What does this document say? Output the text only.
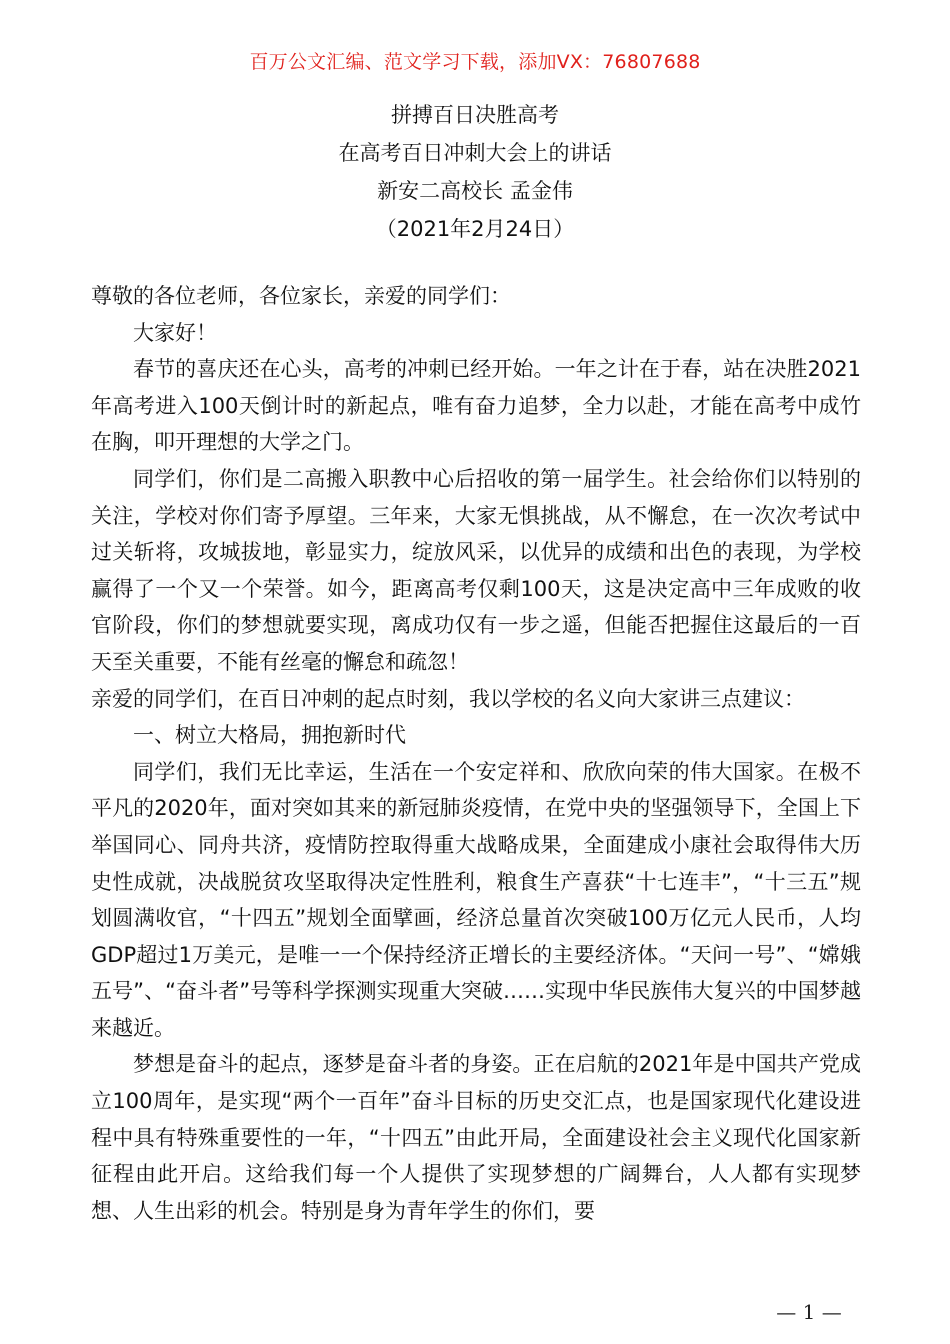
百万公文汇编、范文学习下载，添加VX：76807688
拼搏百日决胜高考
在高考百日冲刺大会上的讲话
新安二高校长 孟金伟
（2021年2月24日）

尊敬的各位老师，各位家长，亲爱的同学们：

大家好！

春节的喜庆还在心头，高考的冲刺已经开始。一年之计在于春，站在决胜2021年高考进入100天倒计时的新起点，唯有奋力追梦，全力以赴，才能在高考中成竹在胸，叩开理想的大学之门。

同学们，你们是二高搬入职教中心后招收的第一届学生。社会给你们以特别的关注，学校对你们寄予厚望。三年来，大家无惧挑战，从不懈怠，在一次次考试中过关斩将，攻城拔地，彰显实力，绽放风采，以优异的成绩和出色的表现，为学校赢得了一个又一个荣誉。如今，距离高考仅剩100天，这是决定高中三年成败的收官阶段，你们的梦想就要实现，离成功仅有一步之遥，但能否把握住这最后的一百天至关重要，不能有丝毫的懈怠和疏忽！

亲爱的同学们，在百日冲刺的起点时刻，我以学校的名义向大家讲三点建议：

一、树立大格局，拥抱新时代

同学们，我们无比幸运，生活在一个安定祥和、欣欣向荣的伟大国家。在极不平凡的2020年，面对突如其来的新冠肺炎疫情，在党中央的坚强领导下，全国上下举国同心、同舟共济，疫情防控取得重大战略成果，全面建成小康社会取得伟大历史性成就，决战脱贫攻坚取得决定性胜利，粮食生产喜获“十七连丰”，“十三五”规划圆满收官，“十四五”规划全面擘画，经济总量首次突破100万亿元人民币，人均GDP超过1万美元，是唯一一个保持经济正增长的主要经济体。“天问一号”、“嫦娥五号”、“奋斗者”号等科学探测实现重大突破……实现中华民族伟大复兴的中国梦越来越近。

梦想是奋斗的起点，逐梦是奋斗者的身姿。正在启航的2021年是中国共产党成立100周年，是实现“两个一百年”奋斗目标的历史交汇点，也是国家现代化建设进程中具有特殊重要性的一年，“十四五”由此开局，全面建设社会主义现代化国家新征程由此开启。这给我们每一个人提供了实现梦想的广阔舞台，人人都有实现梦想、人生出彩的机会。特别是身为青年学生的你们，要

— 1 —
